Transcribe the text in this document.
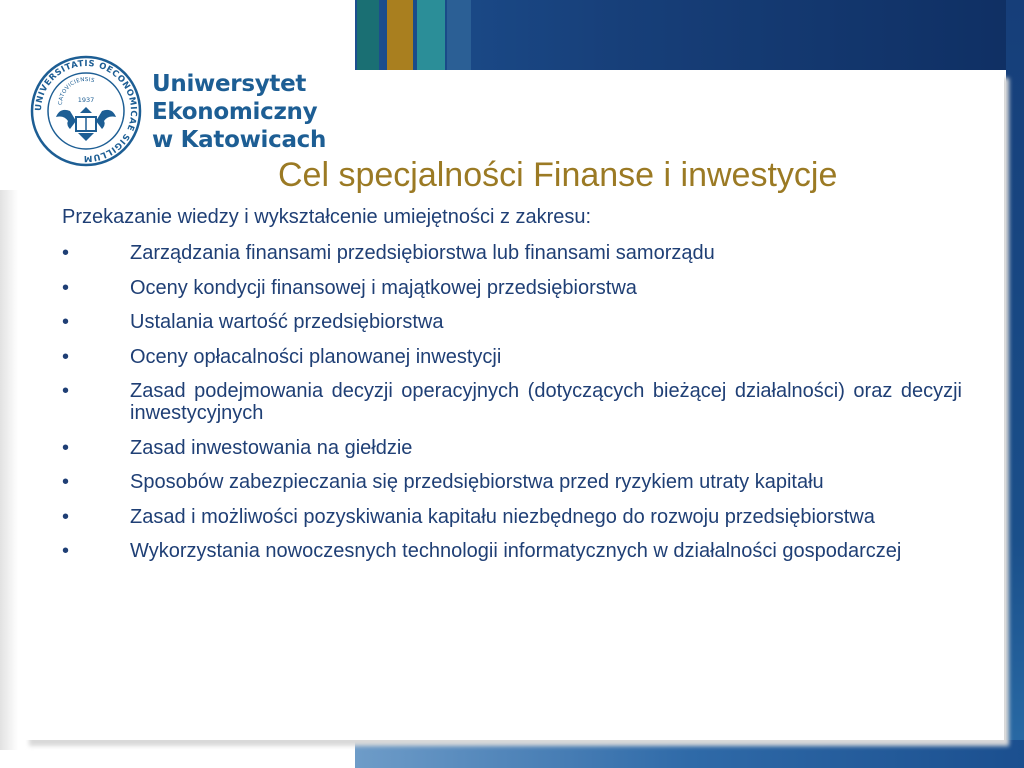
UNIVERSITATIS OECONOMICAE SIGILLUM
CATOVICIENSIS
1937
Uniwersytet
Ekonomiczny
w Katowicach
Cel specjalności Finanse i inwestycje

Przekazanie wiedzy i wykształcenie umiejętności z zakresu:

•	Zarządzania finansami przedsiębiorstwa lub finansami samorządu
•	Oceny kondycji finansowej i majątkowej przedsiębiorstwa
•	Ustalania wartość przedsiębiorstwa
•	Oceny opłacalności planowanej inwestycji
•	Zasad podejmowania decyzji operacyjnych (dotyczących bieżącej działalności) oraz decyzji inwestycyjnych
•	Zasad inwestowania na giełdzie
•	Sposobów zabezpieczania się przedsiębiorstwa przed ryzykiem utraty kapitału
•	Zasad i możliwości pozyskiwania kapitału niezbędnego do rozwoju przedsiębiorstwa
•	Wykorzystania nowoczesnych technologii informatycznych w działalności gospodarczej
